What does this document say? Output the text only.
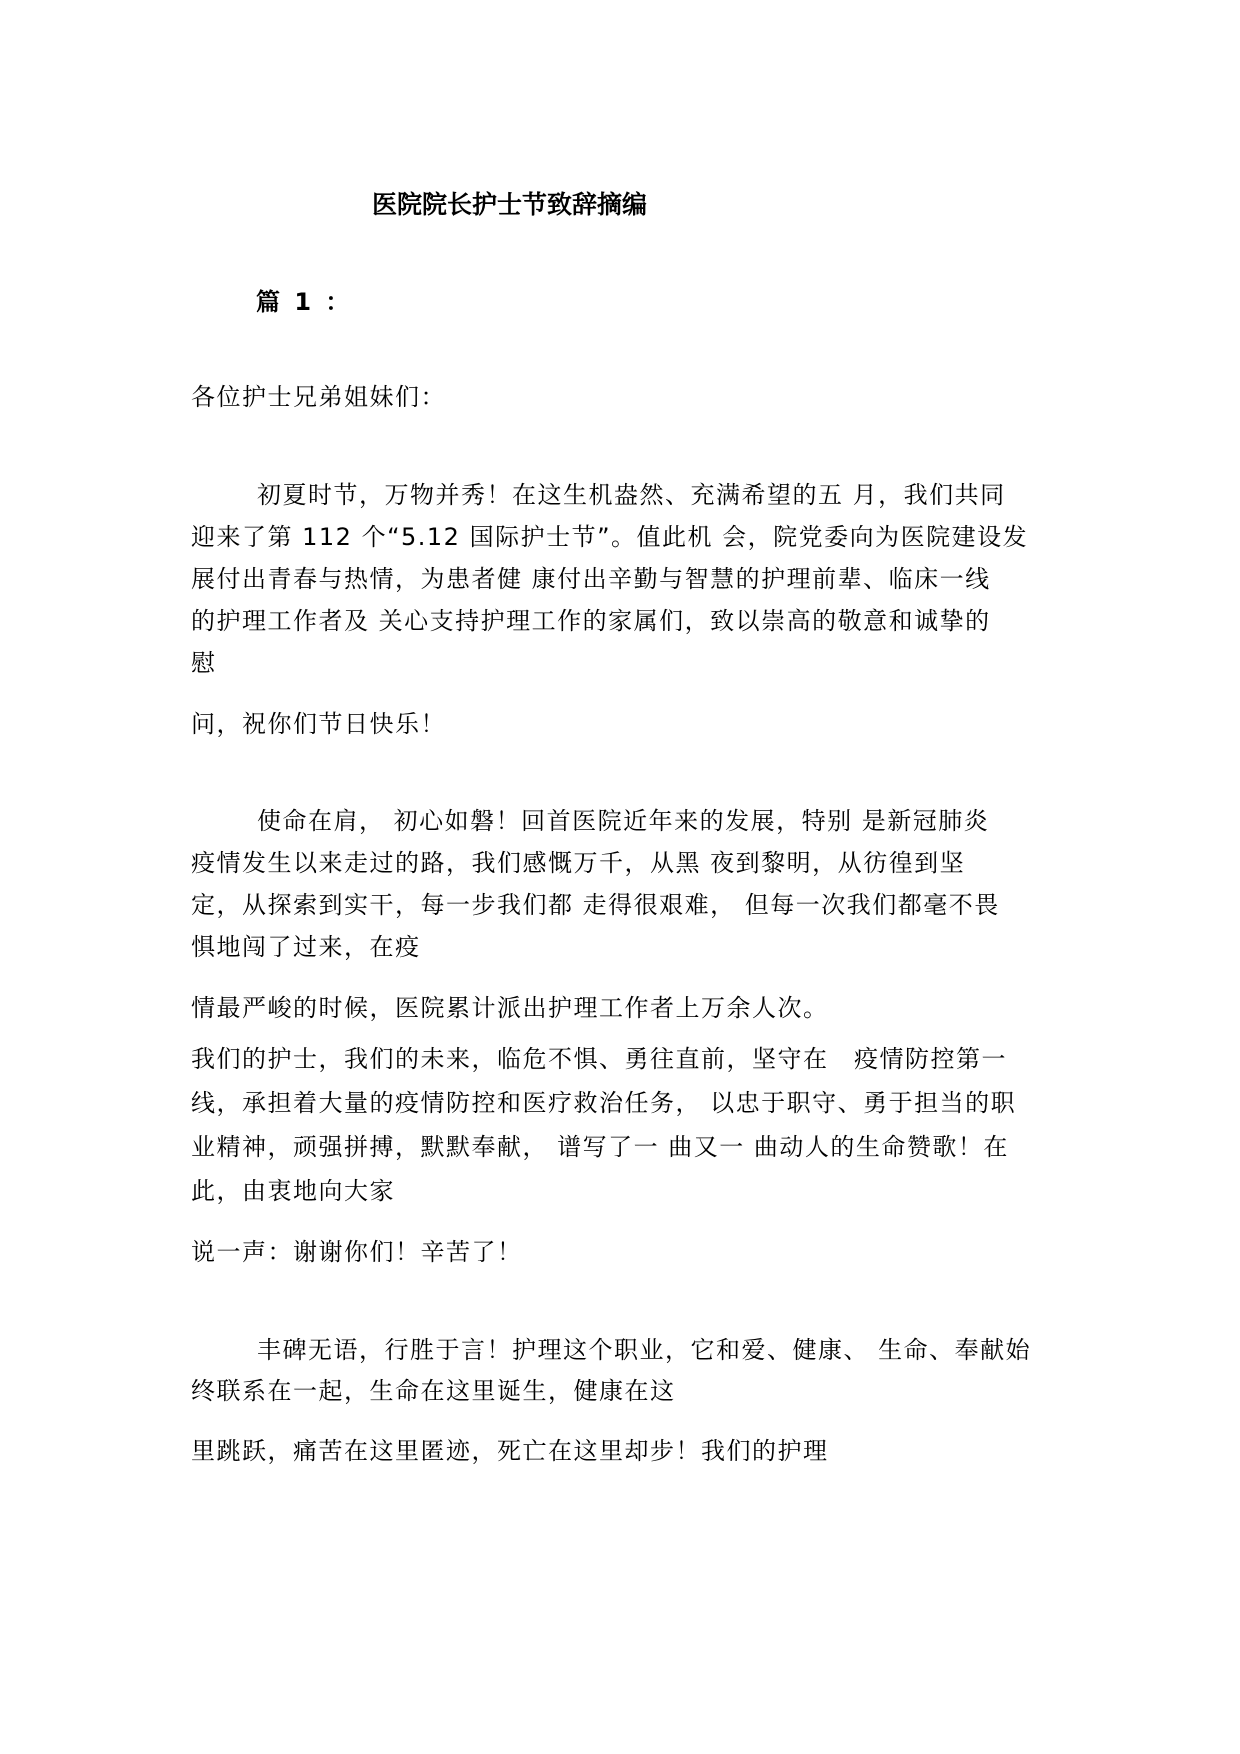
医院院长护士节致辞摘编
篇 1 ：
各位护士兄弟姐妹们：
初夏时节，万物并秀！在这生机盎然、充满希望的五 月，我们共同
迎来了第 112 个“5.12 国际护士节”。值此机 会，院党委向为医院建设发
展付出青春与热情，为患者健 康付出辛勤与智慧的护理前辈、临床一线
的护理工作者及 关心支持护理工作的家属们，致以崇高的敬意和诚挚的
慰
问，祝你们节日快乐！
使命在肩， 初心如磐！回首医院近年来的发展，特别 是新冠肺炎
疫情发生以来走过的路，我们感慨万千，从黑 夜到黎明，从彷徨到坚
定，从探索到实干，每一步我们都 走得很艰难， 但每一次我们都毫不畏
惧地闯了过来，在疫
情最严峻的时候，医院累计派出护理工作者上万余人次。
我们的护士，我们的未来，临危不惧、勇往直前，坚守在　疫情防控第一
线，承担着大量的疫情防控和医疗救治任务， 以忠于职守、勇于担当的职
业精神，顽强拼搏，默默奉献， 谱写了一 曲又一 曲动人的生命赞歌！在
此，由衷地向大家
说一声：谢谢你们！辛苦了！
丰碑无语，行胜于言！护理这个职业，它和爱、健康、 生命、奉献始
终联系在一起，生命在这里诞生，健康在这
里跳跃，痛苦在这里匿迹，死亡在这里却步！我们的护理
